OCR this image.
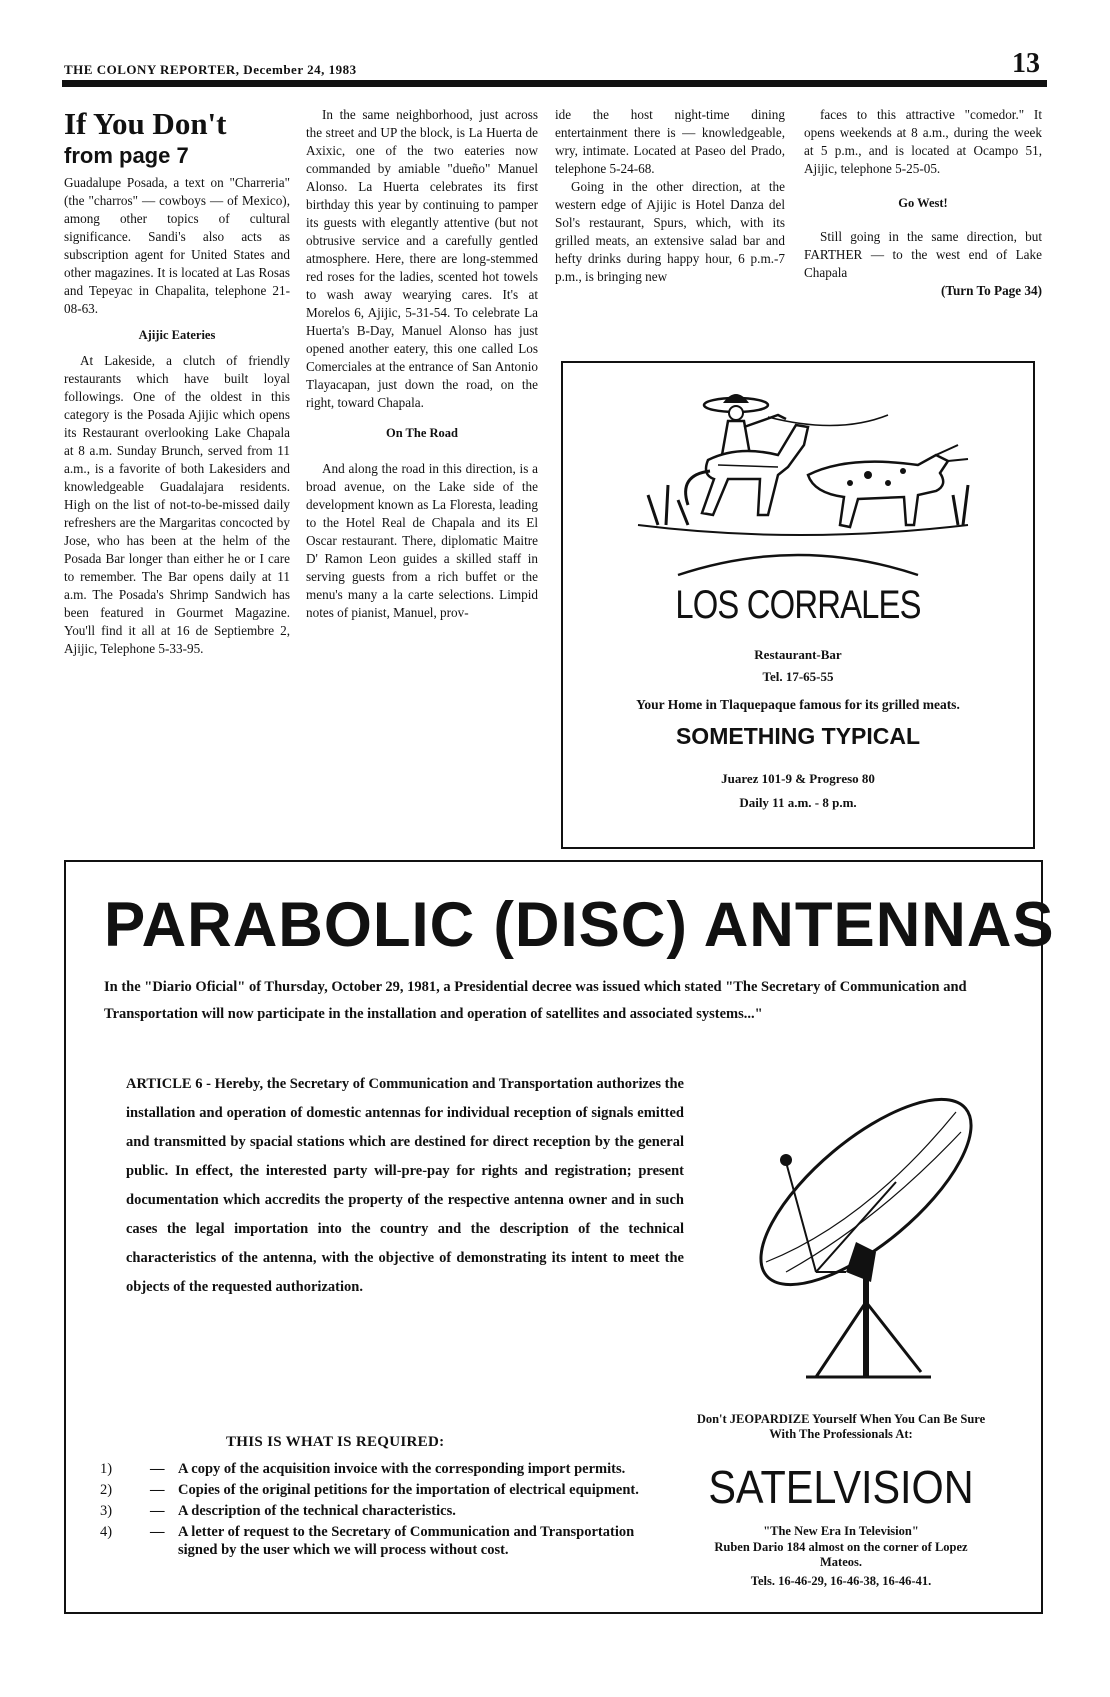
THE COLONY REPORTER, December 24, 1983	13
If You Don't
from page 7

Guadalupe Posada, a text on "Charreria" (the "charros" — cowboys — of Mexico), among other topics of cultural significance. Sandi's also acts as subscription agent for United States and other magazines. It is located at Las Rosas and Tepeyac in Chapalita, telephone 21-08-63.

Ajijic Eateries

At Lakeside, a clutch of friendly restaurants which have built loyal followings. One of the oldest in this category is the Posada Ajijic which opens its Restaurant overlooking Lake Chapala at 8 a.m. Sunday Brunch, served from 11 a.m., is a favorite of both Lakesiders and knowledgeable Guadalajara residents. High on the list of not-to-be-missed daily refreshers are the Margaritas concocted by Jose, who has been at the helm of the Posada Bar longer than either he or I care to remember. The Bar opens daily at 11 a.m. The Posada's Shrimp Sandwich has been featured in Gourmet Magazine. You'll find it all at 16 de Septiembre 2, Ajijic, Telephone 5-33-95.

In the same neighborhood, just across the street and UP the block, is La Huerta de Axixic, one of the two eateries now commanded by amiable "dueño" Manuel Alonso. La Huerta celebrates its first birthday this year by continuing to pamper its guests with elegantly attentive (but not obtrusive service and a carefully gentled atmosphere. Here, there are long-stemmed red roses for the ladies, scented hot towels to wash away wearying cares. It's at Morelos 6, Ajijic, 5-31-54. To celebrate La Huerta's B-Day, Manuel Alonso has just opened another eatery, this one called Los Comerciales at the entrance of San Antonio Tlayacapan, just down the road, on the right, toward Chapala.

On The Road

And along the road in this direction, is a broad avenue, on the Lake side of the development known as La Floresta, leading to the Hotel Real de Chapala and its El Oscar restaurant. There, diplomatic Maitre D' Ramon Leon guides a skilled staff in serving guests from a rich buffet or the menu's many a la carte selections. Limpid notes of pianist, Manuel, prov-

ide the host night-time dining entertainment there is — knowledgeable, wry, intimate. Located at Paseo del Prado, telephone 5-24-68.

Going in the other direction, at the western edge of Ajijic is Hotel Danza del Sol's restaurant, Spurs, which, with its grilled meats, an extensive salad bar and hefty drinks during happy hour, 6 p.m.-7 p.m., is bringing new

faces to this attractive "comedor." It opens weekends at 8 a.m., during the week at 5 p.m., and is located at Ocampo 51, Ajijic, telephone 5-25-05.

Go West!

Still going in the same direction, but FARTHER — to the west end of Lake Chapala

(Turn To Page 34)
LOS CORRALES
Restaurant-Bar
Tel. 17-65-55
Your Home in Tlaquepaque famous for its grilled meats.
SOMETHING TYPICAL
Juarez 101-9 & Progreso 80
Daily 11 a.m. - 8 p.m.
PARABOLIC (DISC) ANTENNAS
In the "Diario Oficial" of Thursday, October 29, 1981, a Presidential decree was issued which stated "The Secretary of Communication and Transportation will now participate in the installation and operation of satellites and associated systems..."
ARTICLE 6 - Hereby, the Secretary of Communication and Transportation authorizes the installation and operation of domestic antennas for individual reception of signals emitted and transmitted by spacial stations which are destined for direct reception by the general public. In effect, the interested party will-pre-pay for rights and registration; present documentation which accredits the property of the respective antenna owner and in such cases the legal importation into the country and the description of the technical characteristics of the antenna, with the objective of demonstrating its intent to meet the objects of the requested authorization.
THIS IS WHAT IS REQUIRED:
1)	— A copy of the acquisition invoice with the corresponding import permits.
2)	— Copies of the original petitions for the importation of electrical equipment.
3)	— A description of the technical characteristics.
4)	— A letter of request to the Secretary of Communication and Transportation signed by the user which we will process without cost.
Don't JEOPARDIZE Yourself When You Can Be Sure With The Professionals At:
SATELVISION
"The New Era In Television"
Ruben Dario 184 almost on the corner of Lopez Mateos.
Tels. 16-46-29, 16-46-38, 16-46-41.
